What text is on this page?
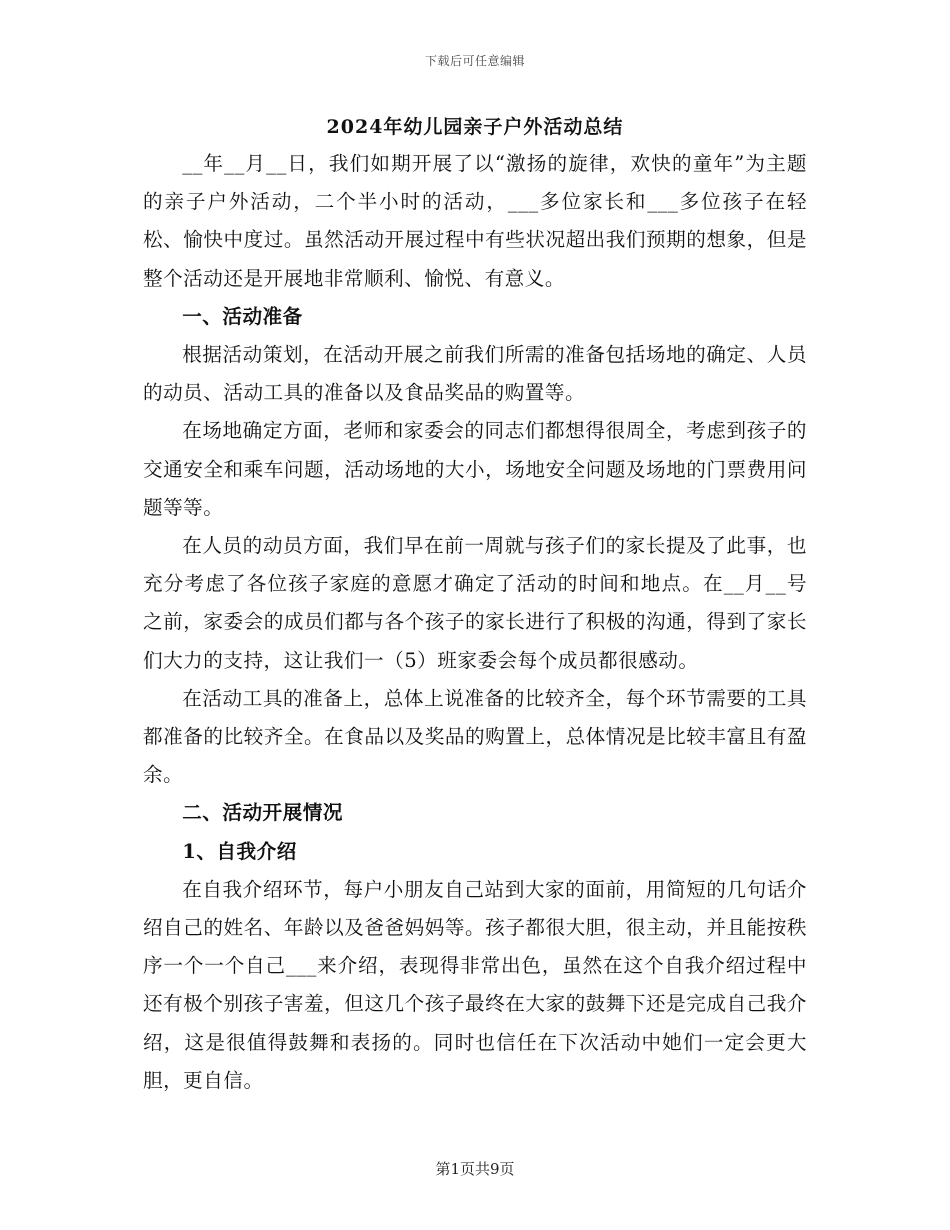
下载后可任意编辑
2024年幼儿园亲子户外活动总结

__年__月__日，我们如期开展了以“激扬的旋律，欢快的童年”为主题的亲子户外活动，二个半小时的活动，___多位家长和___多位孩子在轻松、愉快中度过。虽然活动开展过程中有些状况超出我们预期的想象，但是整个活动还是开展地非常顺利、愉悦、有意义。

一、活动准备

根据活动策划，在活动开展之前我们所需的准备包括场地的确定、人员的动员、活动工具的准备以及食品奖品的购置等。

在场地确定方面，老师和家委会的同志们都想得很周全，考虑到孩子的交通安全和乘车问题，活动场地的大小，场地安全问题及场地的门票费用问题等等。

在人员的动员方面，我们早在前一周就与孩子们的家长提及了此事，也充分考虑了各位孩子家庭的意愿才确定了活动的时间和地点。在__月__号之前，家委会的成员们都与各个孩子的家长进行了积极的沟通，得到了家长们大力的支持，这让我们一（5）班家委会每个成员都很感动。

在活动工具的准备上，总体上说准备的比较齐全，每个环节需要的工具都准备的比较齐全。在食品以及奖品的购置上，总体情况是比较丰富且有盈余。

二、活动开展情况

1、自我介绍

在自我介绍环节，每户小朋友自己站到大家的面前，用简短的几句话介绍自己的姓名、年龄以及爸爸妈妈等。孩子都很大胆，很主动，并且能按秩序一个一个自己___来介绍，表现得非常出色，虽然在这个自我介绍过程中还有极个别孩子害羞，但这几个孩子最终在大家的鼓舞下还是完成自己我介绍，这是很值得鼓舞和表扬的。同时也信任在下次活动中她们一定会更大胆，更自信。

第1页共9页
